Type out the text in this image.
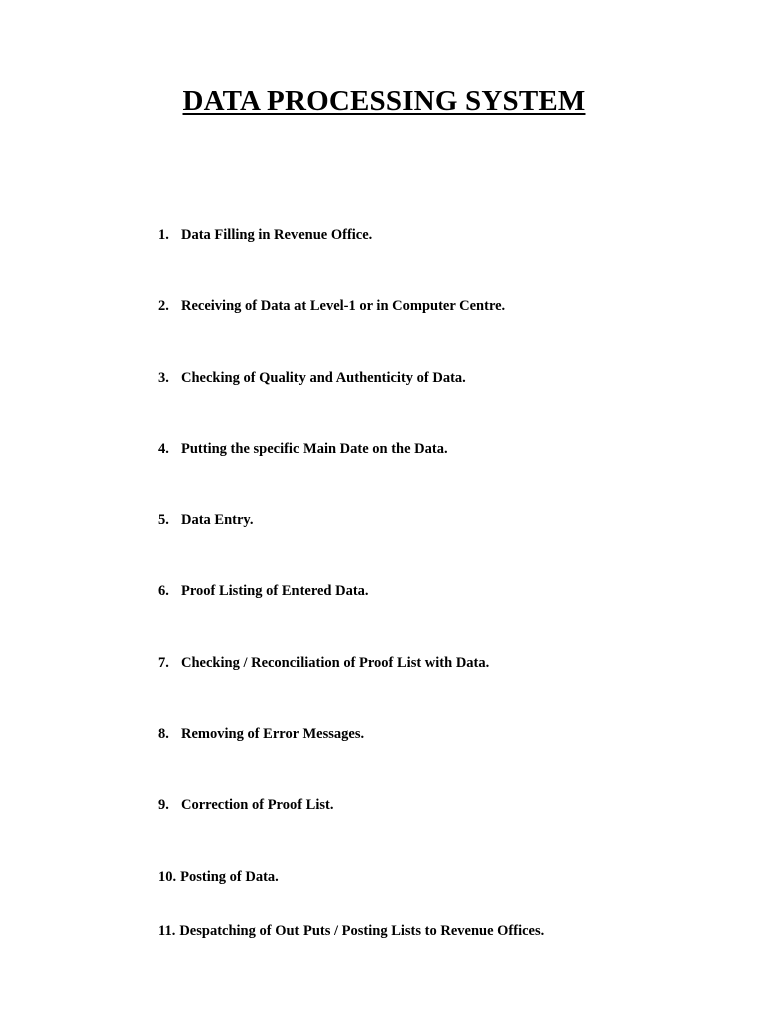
DATA PROCESSING SYSTEM
1. Data Filling in Revenue Office.
2. Receiving of Data at Level-1 or in Computer Centre.
3. Checking of Quality and Authenticity of Data.
4. Putting the specific Main Date on the Data.
5. Data Entry.
6. Proof Listing of Entered Data.
7. Checking / Reconciliation of Proof List with Data.
8. Removing of Error Messages.
9. Correction of Proof List.
10. Posting of Data.
11. Despatching of Out Puts / Posting Lists to Revenue Offices.
